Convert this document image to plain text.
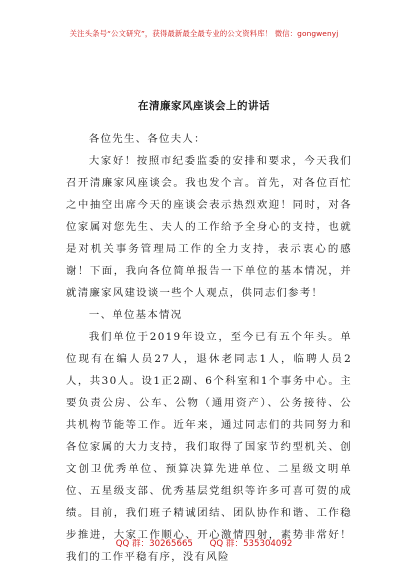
关注头条号“公文研究”，获得最新最全最专业的公文资料库！ 微信：gongwenyj
在清廉家风座谈会上的讲话

各位先生、各位夫人：

大家好！按照市纪委监委的安排和要求，今天我们召开清廉家风座谈会。我也发个言。首先，对各位百忙之中抽空出席今天的座谈会表示热烈欢迎！同时，对各位家属对您先生、夫人的工作给予全身心的支持，也就是对机关事务管理局工作的全力支持，表示衷心的感谢！下面，我向各位简单报告一下单位的基本情况，并就清廉家风建设谈一些个人观点，供同志们参考！

一、单位基本情况

我们单位于2019年设立，至今已有五个年头。单位现有在编人员27人，退休老同志1人，临聘人员2人，共30人。设1正2副、6个科室和1个事务中心。主要负责公房、公车、公物（通用资产）、公务接待、公共机构节能等工作。近年来，通过同志们的共同努力和各位家属的大力支持，我们取得了国家节约型机关、创文创卫优秀单位、预算决算先进单位、二星级文明单位、五星级支部、优秀基层党组织等许多可喜可贺的成绩。目前，我们班子精诚团结、团队协作和谐、工作稳步推进，大家工作顺心、开心激情四射，素势非常好！我们的工作平稳有序，没有风险

QQ 群：30265665 QQ 群：535304092
